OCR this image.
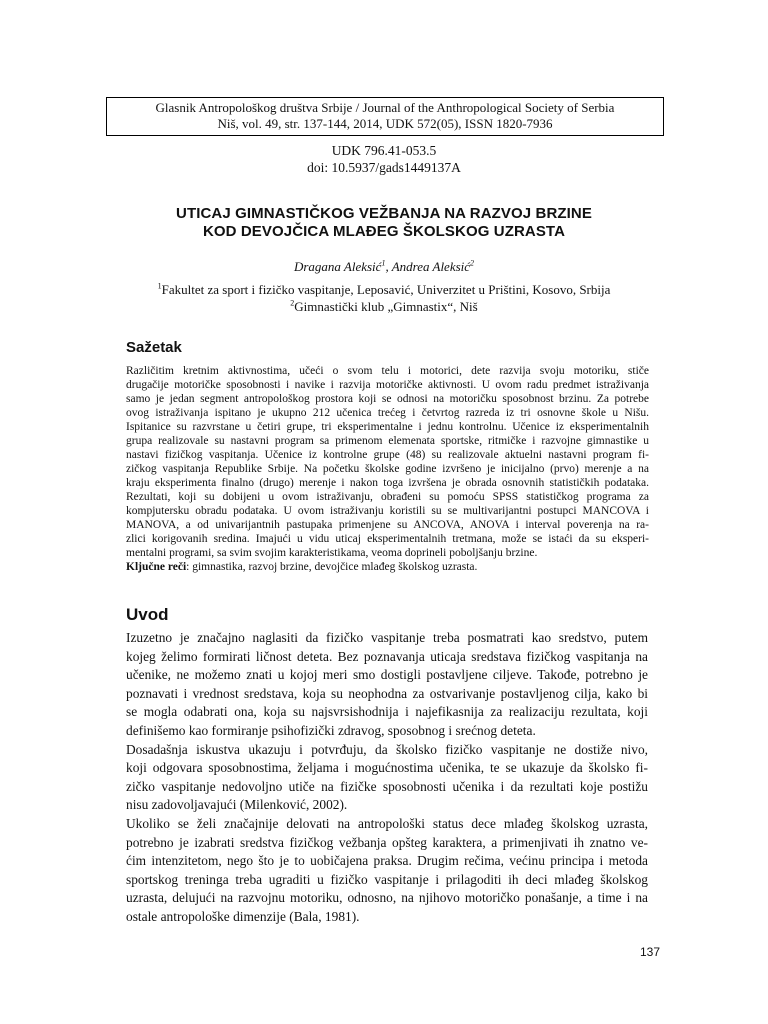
Glasnik Antropološkog društva Srbije / Journal of the Anthropological Society of Serbia
Niš, vol. 49, str. 137-144, 2014, UDK 572(05), ISSN 1820-7936
UDK 796.41-053.5
doi: 10.5937/gads1449137A
UTICAJ GIMNASTIČKOG VEŽBANJA NA RAZVOJ BRZINE
KOD DEVOJČICA MLAĐEG ŠKOLSKOG UZRASTA
Dragana Aleksić$^1$, Andrea Aleksić$^2$
$^1$Fakultet za sport i fizičko vaspitanje, Leposavić, Univerzitet u Prištini, Kosovo, Srbija
$^2$Gimnastički klub „Gimnastix“, Niš
Sažetak
Različitim kretnim aktivnostima, učeći o svom telu i motorici, dete razvija svoju motoriku, stiče
drugačije motoričke sposobnosti i navike i razvija motoričke aktivnosti. U ovom radu predmet istraživanja
samo je jedan segment antropološkog prostora koji se odnosi na motoričku sposobnost brzinu. Za potrebe
ovog istraživanja ispitano je ukupno 212 učenica trećeg i četvrtog razreda iz tri osnovne škole u Nišu.
Ispitanice su razvrstane u četiri grupe, tri eksperimentalne i jednu kontrolnu. Učenice iz eksperimentalnih
grupa realizovale su nastavni program sa primenom elemenata sportske, ritmičke i razvojne gimnastike u
nastavi fizičkog vaspitanja. Učenice iz kontrolne grupe (48) su realizovale aktuelni nastavni program fi-
zičkog vaspitanja Republike Srbije. Na početku školske godine izvršeno je inicijalno (prvo) merenje a na
kraju eksperimenta finalno (drugo) merenje i nakon toga izvršena je obrada osnovnih statističkih podataka.
Rezultati, koji su dobijeni u ovom istraživanju, obrađeni su pomoću SPSS statističkog programa za
kompjutersku obradu podataka. U ovom istraživanju koristili su se multivarijantni postupci MANCOVA i
MANOVA, a od univarijantnih pastupaka primenjene su ANCOVA, ANOVA i interval poverenja na ra-
zlici korigovanih sredina. Imajući u vidu uticaj eksperimentalnih tretmana, može se istaći da su eksperi-
mentalni programi, sa svim svojim karakteristikama, veoma doprineli poboljšanju brzine.
Ključne reči: gimnastika, razvoj brzine, devojčice mlađeg školskog uzrasta.
Uvod
Izuzetno je značajno naglasiti da fizičko vaspitanje treba posmatrati kao sredstvo, putem
kojeg želimo formirati ličnost deteta. Bez poznavanja uticaja sredstava fizičkog vaspitanja na
učenike, ne možemo znati u kojoj meri smo dostigli postavljene ciljeve. Takođe, potrebno je
poznavati i vrednost sredstava, koja su neophodna za ostvarivanje postavljenog cilja, kako bi
se mogla odabrati ona, koja su najsvrsishodnija i najefikasnija za realizaciju rezultata, koji
definišemo kao formiranje psihofizički zdravog, sposobnog i srećnog deteta.
Dosadašnja iskustva ukazuju i potvrđuju, da školsko fizičko vaspitanje ne dostiže nivo,
koji odgovara sposobnostima, željama i mogućnostima učenika, te se ukazuje da školsko fi-
zičko vaspitanje nedovoljno utiče na fizičke sposobnosti učenika i da rezultati koje postižu
nisu zadovoljavajući (Milenković, 2002).
Ukoliko se želi značajnije delovati na antropološki status dece mlađeg školskog uzrasta,
potrebno je izabrati sredstva fizičkog vežbanja opšteg karaktera, a primenjivati ih znatno ve-
ćim intenzitetom, nego što je to uobičajena praksa. Drugim rečima, većinu principa i metoda
sportskog treninga treba ugraditi u fizičko vaspitanje i prilagoditi ih deci mlađeg školskog
uzrasta, delujući na razvojnu motoriku, odnosno, na njihovo motoričko ponašanje, a time i na
ostale antropološke dimenzije (Bala, 1981).
137
